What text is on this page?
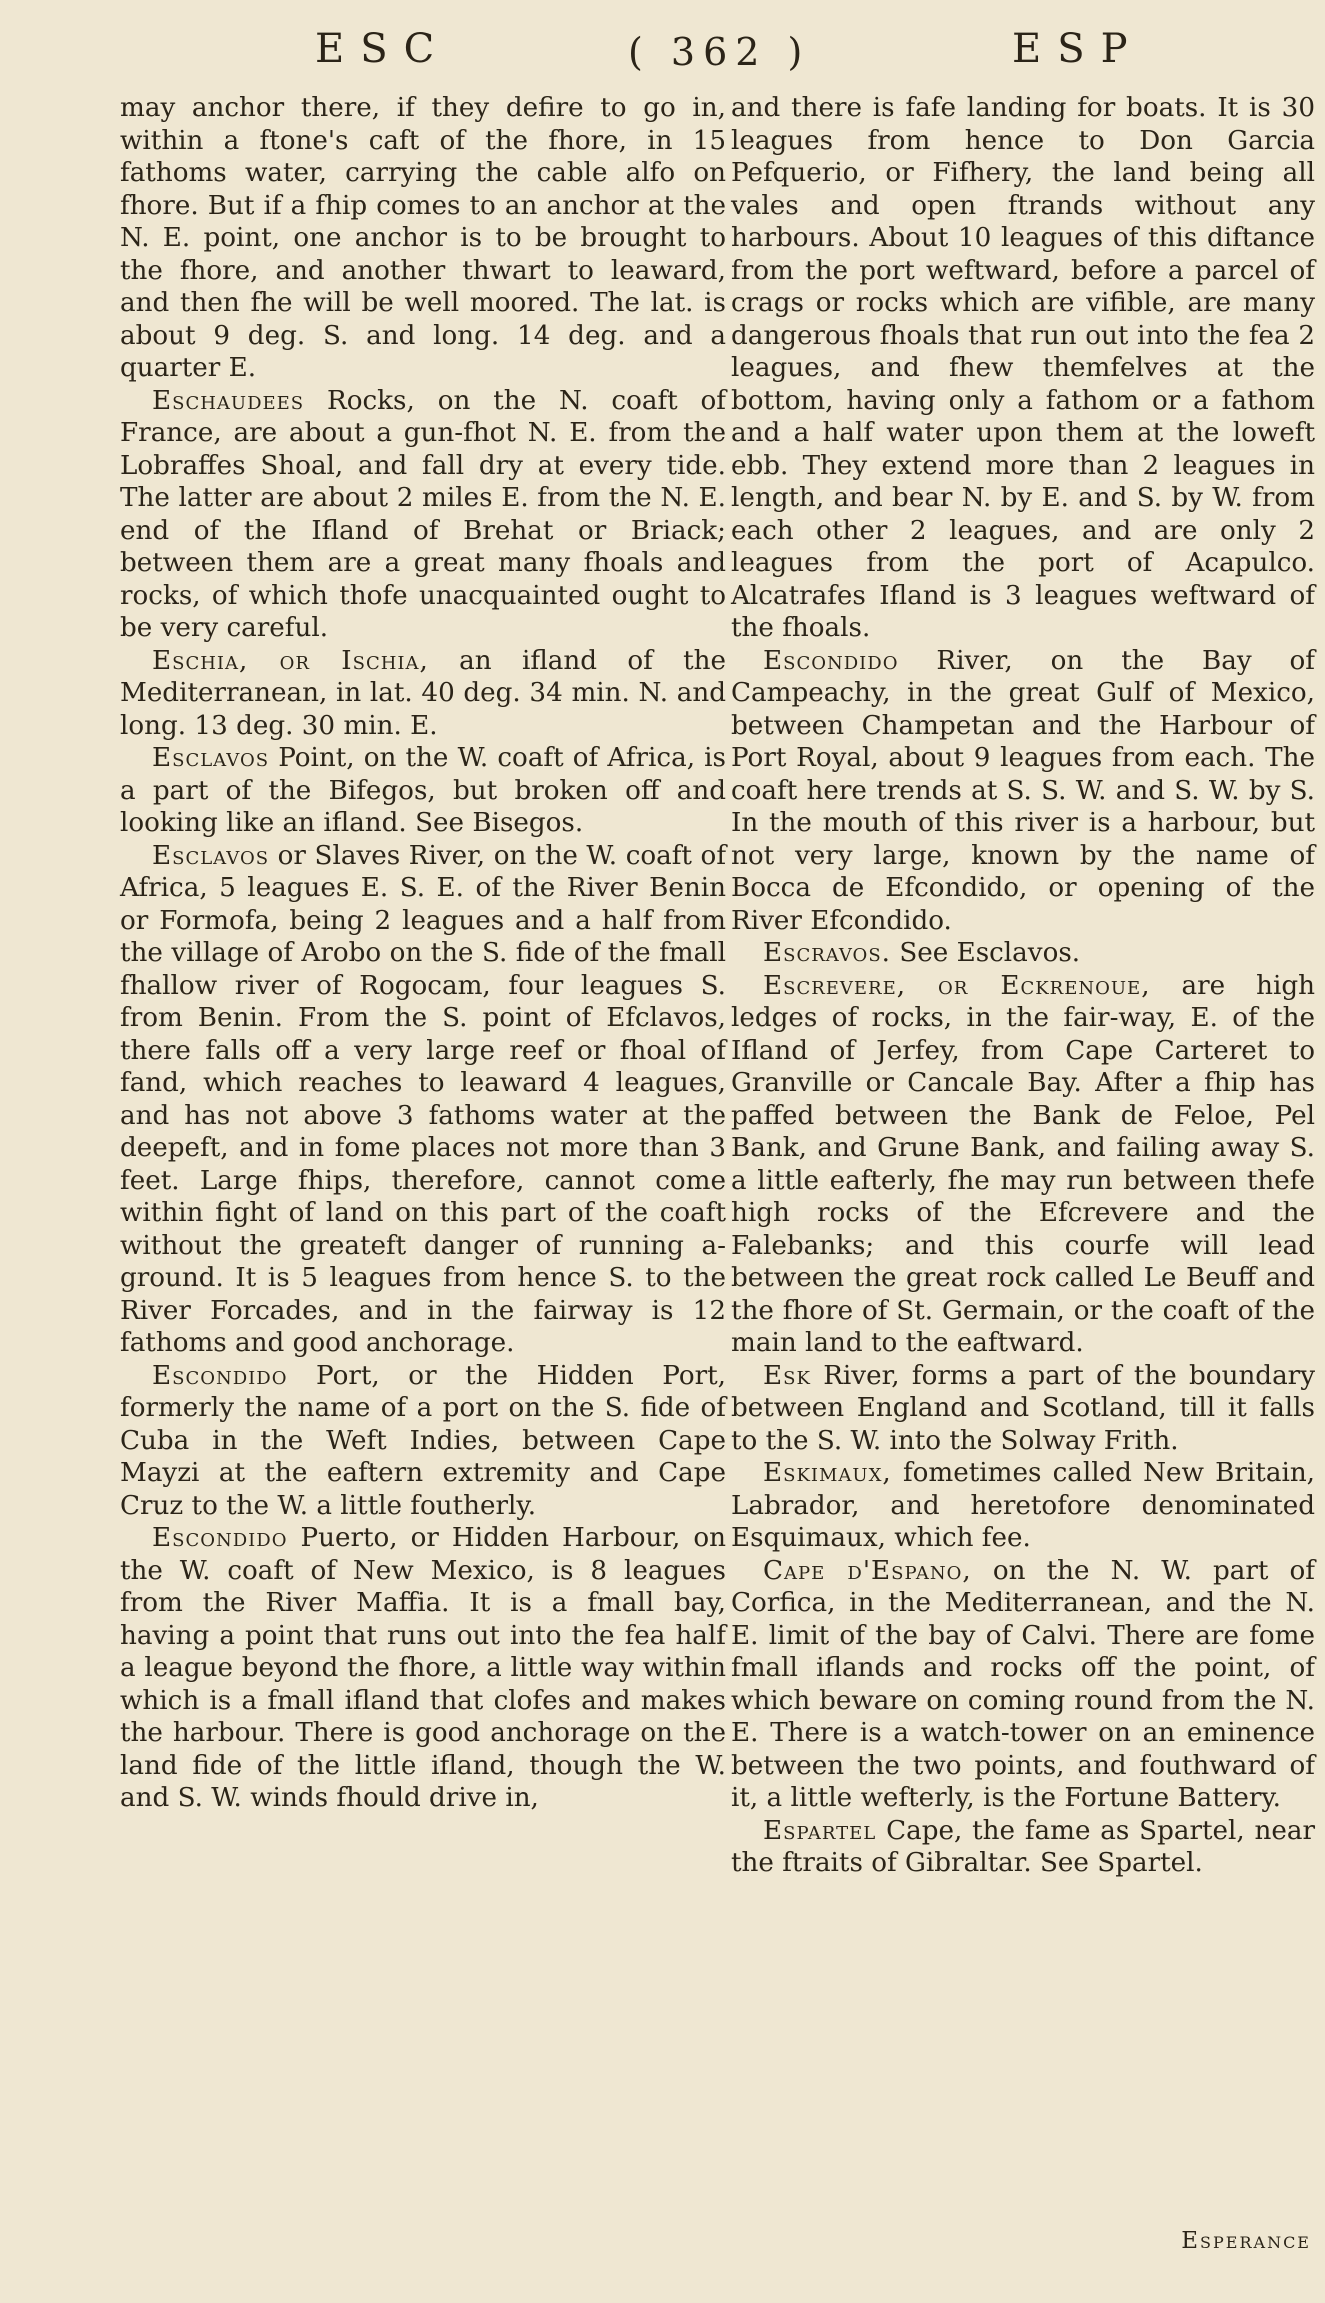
ESC	( 362 )	ESP

may anchor there, if they defire to go in, within a ftone's caft of the fhore, in 15 fathoms water, carrying the cable alfo on fhore. But if a fhip comes to an anchor at the N. E. point, one anchor is to be brought to the fhore, and another thwart to leaward, and then fhe will be well moored. The lat. is about 9 deg. S. and long. 14 deg. and a quarter E.

Eschaudees Rocks, on the N. coaft of France, are about a gun-fhot N. E. from the Lobraffes Shoal, and fall dry at every tide. The latter are about 2 miles E. from the N. E. end of the Ifland of Brehat or Briack; between them are a great many fhoals and rocks, of which thofe unacquainted ought to be very careful.

Eschia, or Ischia, an ifland of the Mediterranean, in lat. 40 deg. 34 min. N. and long. 13 deg. 30 min. E.

Esclavos Point, on the W. coaft of Africa, is a part of the Bifegos, but broken off and looking like an ifland. See Bisegos.

Esclavos or Slaves River, on the W. coaft of Africa, 5 leagues E. S. E. of the River Benin or Formofa, being 2 leagues and a half from the village of Arobo on the S. fide of the fmall fhallow river of Rogocam, four leagues S. from Benin. From the S. point of Efclavos, there falls off a very large reef or fhoal of fand, which reaches to leaward 4 leagues, and has not above 3 fathoms water at the deepeft, and in fome places not more than 3 feet. Large fhips, therefore, cannot come within fight of land on this part of the coaft without the greateft danger of running a-ground. It is 5 leagues from hence S. to the River Forcades, and in the fairway is 12 fathoms and good anchorage.

Escondido Port, or the Hidden Port, formerly the name of a port on the S. fide of Cuba in the Weft Indies, between Cape Mayzi at the eaftern extremity and Cape Cruz to the W. a little foutherly.

Escondido Puerto, or Hidden Harbour, on the W. coaft of New Mexico, is 8 leagues from the River Maffia. It is a fmall bay, having a point that runs out into the fea half a league beyond the fhore, a little way within which is a fmall ifland that clofes and makes the harbour. There is good anchorage on the land fide of the little ifland, though the W. and S. W. winds fhould drive in,

and there is fafe landing for boats. It is 30 leagues from hence to Don Garcia Pefquerio, or Fifhery, the land being all vales and open ftrands without any harbours. About 10 leagues of this diftance from the port weftward, before a parcel of crags or rocks which are vifible, are many dangerous fhoals that run out into the fea 2 leagues, and fhew themfelves at the bottom, having only a fathom or a fathom and a half water upon them at the loweft ebb. They extend more than 2 leagues in length, and bear N. by E. and S. by W. from each other 2 leagues, and are only 2 leagues from the port of Acapulco. Alcatrafes Ifland is 3 leagues weftward of the fhoals.

Escondido River, on the Bay of Campeachy, in the great Gulf of Mexico, between Champetan and the Harbour of Port Royal, about 9 leagues from each. The coaft here trends at S. S. W. and S. W. by S. In the mouth of this river is a harbour, but not very large, known by the name of Bocca de Efcondido, or opening of the River Efcondido.

Escravos. See Esclavos.

Escrevere, or Eckrenoue, are high ledges of rocks, in the fair-way, E. of the Ifland of Jerfey, from Cape Carteret to Granville or Cancale Bay. After a fhip has paffed between the Bank de Feloe, Pel Bank, and Grune Bank, and failing away S. a little eafterly, fhe may run between thefe high rocks of the Efcrevere and the Falebanks; and this courfe will lead between the great rock called Le Beuff and the fhore of St. Germain, or the coaft of the main land to the eaftward.

Esk River, forms a part of the boundary between England and Scotland, till it falls to the S. W. into the Solway Frith.

Eskimaux, fometimes called New Britain, Labrador, and heretofore denominated Esquimaux, which fee.

Cape d'Espano, on the N. W. part of Corfica, in the Mediterranean, and the N. E. limit of the bay of Calvi. There are fome fmall iflands and rocks off the point, of which beware on coming round from the N. E. There is a watch-tower on an eminence between the two points, and fouthward of it, a little wefterly, is the Fortune Battery.

Espartel Cape, the fame as Spartel, near the ftraits of Gibraltar. See Spartel.

Esperance
